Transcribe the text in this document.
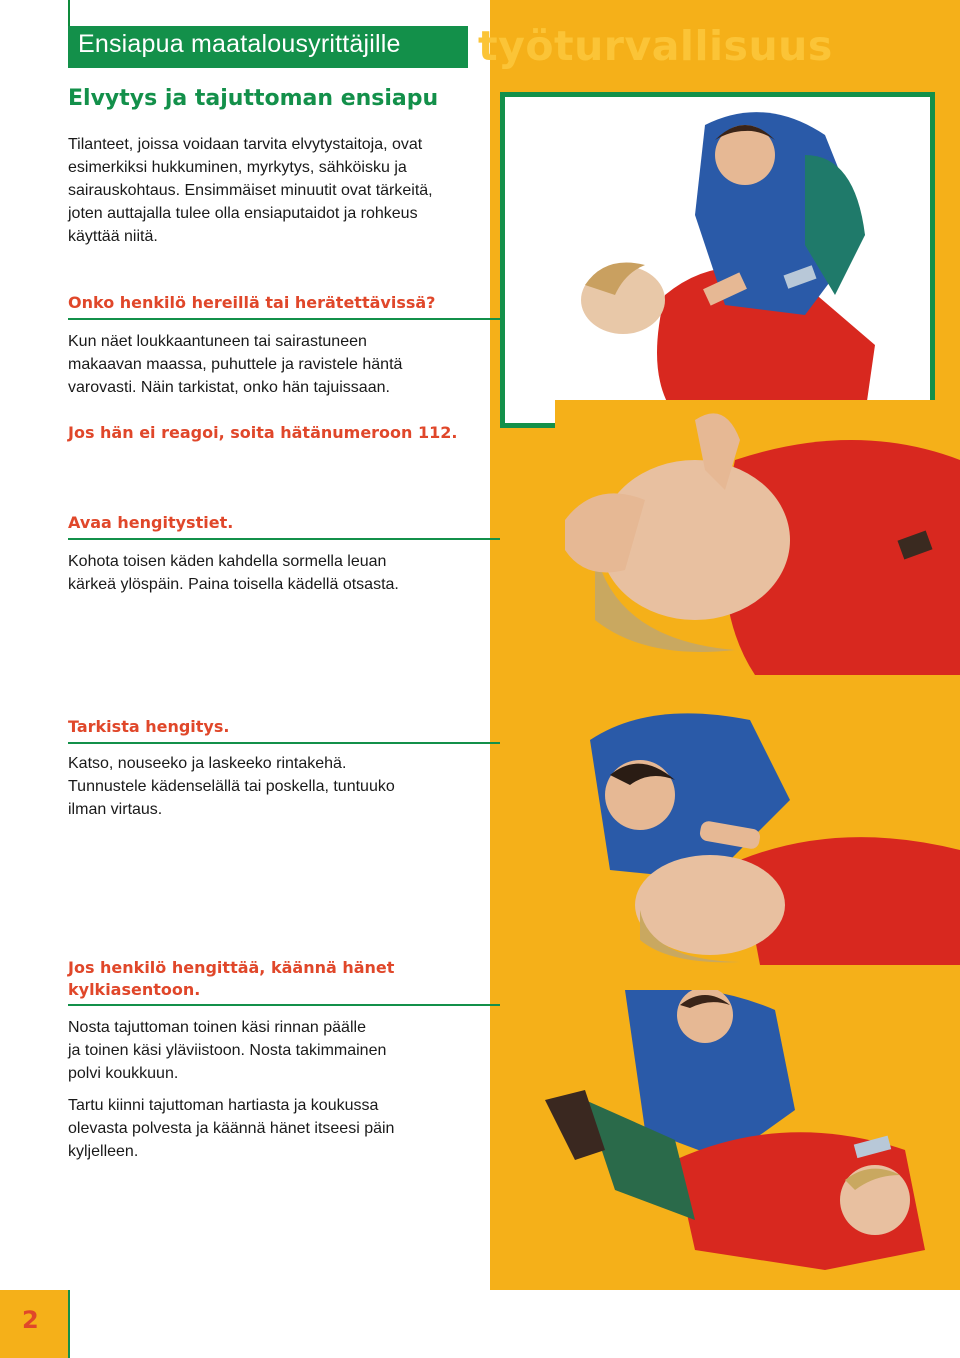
Ensiapua maatalousyrittäjille työturvallisuus
Elvytys ja tajuttoman ensiapu
Tilanteet, joissa voidaan tarvita elvytystaitoja, ovat
esimerkiksi hukkuminen, myrkytys, sähköisku ja
sairauskohtaus. Ensimmäiset minuutit ovat tärkeitä,
joten auttajalla tulee olla ensiaputaidot ja rohkeus
käyttää niitä.
Onko henkilö hereillä tai herätettävissä?
Kun näet loukkaantuneen tai sairastuneen
makaavan maassa, puhuttele ja ravistele häntä
varovasti. Näin tarkistat, onko hän tajuissaan.
Jos hän ei reagoi, soita hätänumeroon 112.
Avaa hengitystiet.
Kohota toisen käden kahdella sormella leuan
kärkeä ylöspäin. Paina toisella kädellä otsasta.
Tarkista hengitys.
Katso, nouseeko ja laskeeko rintakehä.
Tunnustele kädenselällä tai poskella, tuntuuko
ilman virtaus.
Jos henkilö hengittää, käännä hänet
kylkiasentoon.
Nosta tajuttoman toinen käsi rinnan päälle
ja toinen käsi yläviistoon. Nosta takimmainen
polvi koukkuun.
Tartu kiinni tajuttoman hartiasta ja koukussa
olevasta polvesta ja käännä hänet itseesi päin
kyljelleen.
2
